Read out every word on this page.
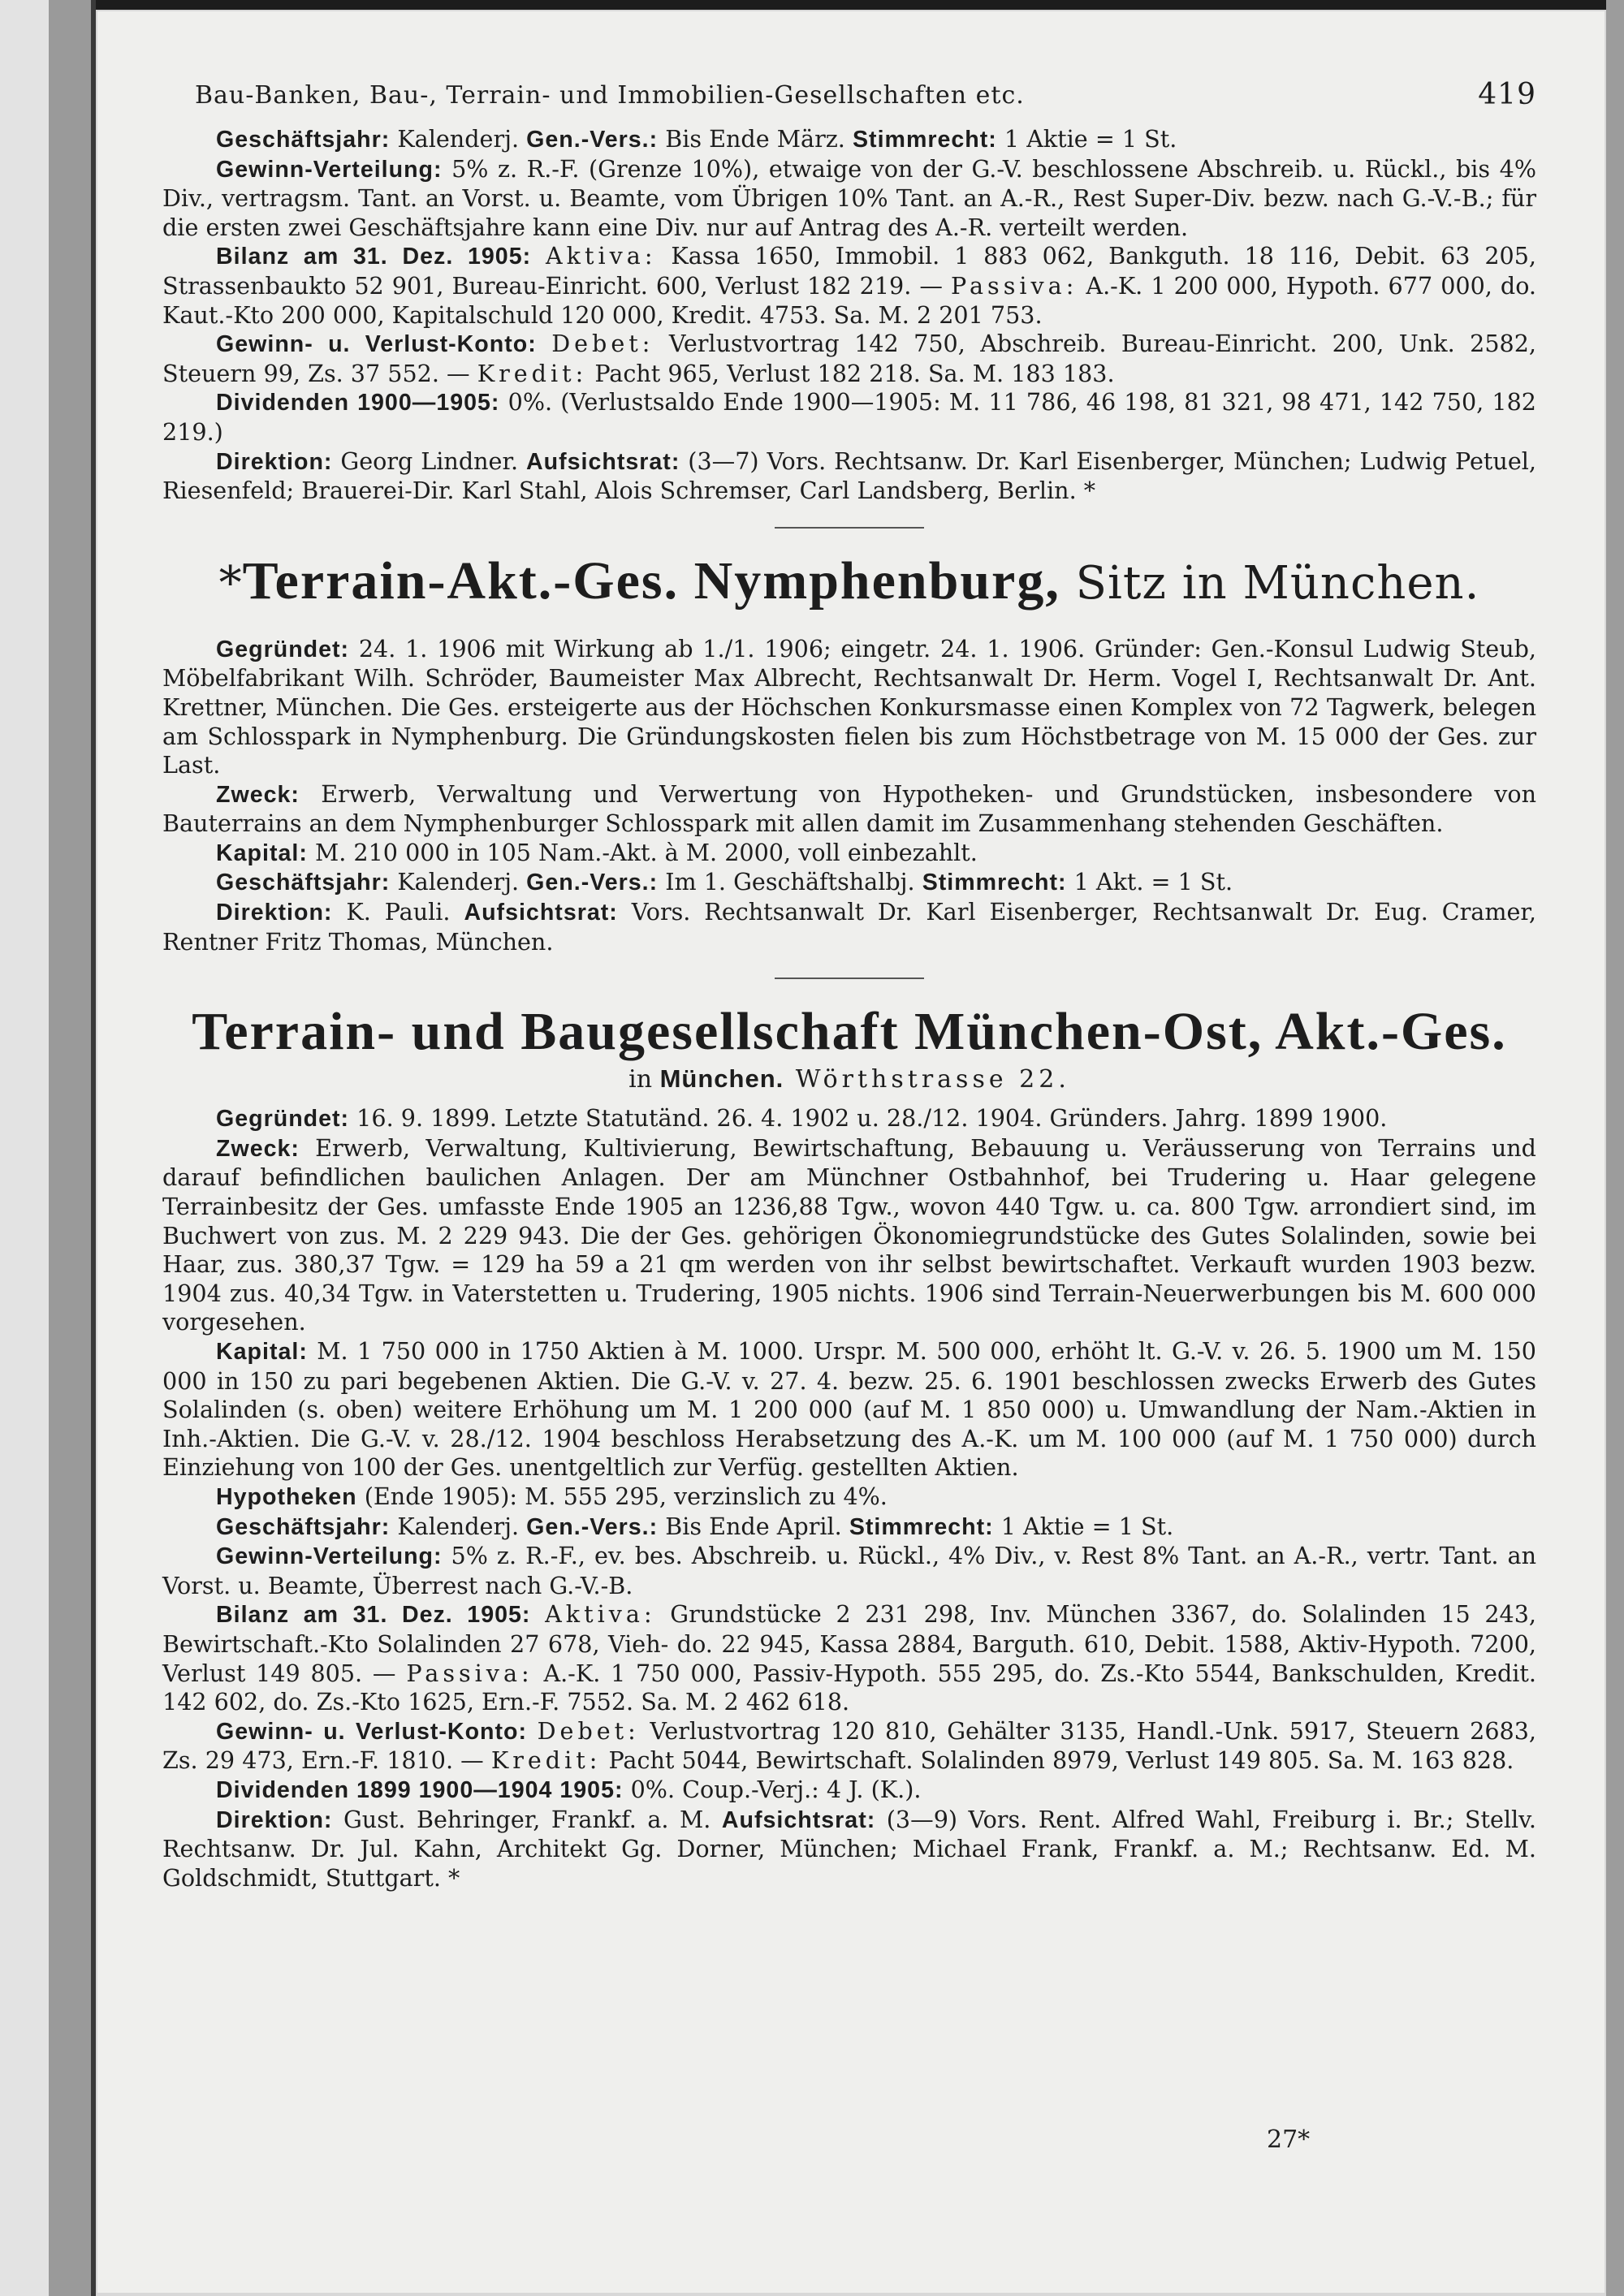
Bau-Banken, Bau-, Terrain- und Immobilien-Gesellschaften etc.	419

Geschäftsjahr: Kalenderj. Gen.-Vers.: Bis Ende März. Stimmrecht: 1 Aktie = 1 St.

Gewinn-Verteilung: 5% z. R.-F. (Grenze 10%), etwaige von der G.-V. beschlossene Abschreib. u. Rückl., bis 4% Div., vertragsm. Tant. an Vorst. u. Beamte, vom Übrigen 10% Tant. an A.-R., Rest Super-Div. bezw. nach G.-V.-B.; für die ersten zwei Geschäftsjahre kann eine Div. nur auf Antrag des A.-R. verteilt werden.

Bilanz am 31. Dez. 1905: Aktiva: Kassa 1650, Immobil. 1 883 062, Bankguth. 18 116, Debit. 63 205, Strassenbaukto 52 901, Bureau-Einricht. 600, Verlust 182 219. — Passiva: A.-K. 1 200 000, Hypoth. 677 000, do. Kaut.-Kto 200 000, Kapitalschuld 120 000, Kredit. 4753. Sa. M. 2 201 753.

Gewinn- u. Verlust-Konto: Debet: Verlustvortrag 142 750, Abschreib. Bureau-Einricht. 200, Unk. 2582, Steuern 99, Zs. 37 552. — Kredit: Pacht 965, Verlust 182 218. Sa. M. 183 183.

Dividenden 1900—1905: 0%. (Verlustsaldo Ende 1900—1905: M. 11 786, 46 198, 81 321, 98 471, 142 750, 182 219.)

Direktion: Georg Lindner. Aufsichtsrat: (3—7) Vors. Rechtsanw. Dr. Karl Eisenberger, München; Ludwig Petuel, Riesenfeld; Brauerei-Dir. Karl Stahl, Alois Schremser, Carl Landsberg, Berlin. *

*Terrain-Akt.-Ges. Nymphenburg, Sitz in München.

Gegründet: 24. 1. 1906 mit Wirkung ab 1./1. 1906; eingetr. 24. 1. 1906. Gründer: Gen.-Konsul Ludwig Steub, Möbelfabrikant Wilh. Schröder, Baumeister Max Albrecht, Rechtsanwalt Dr. Herm. Vogel I, Rechtsanwalt Dr. Ant. Krettner, München. Die Ges. ersteigerte aus der Höchschen Konkursmasse einen Komplex von 72 Tagwerk, belegen am Schlosspark in Nymphenburg. Die Gründungskosten fielen bis zum Höchstbetrage von M. 15 000 der Ges. zur Last.

Zweck: Erwerb, Verwaltung und Verwertung von Hypotheken- und Grundstücken, insbesondere von Bauterrains an dem Nymphenburger Schlosspark mit allen damit im Zusammenhang stehenden Geschäften.

Kapital: M. 210 000 in 105 Nam.-Akt. à M. 2000, voll einbezahlt.

Geschäftsjahr: Kalenderj. Gen.-Vers.: Im 1. Geschäftshalbj. Stimmrecht: 1 Akt. = 1 St.

Direktion: K. Pauli. Aufsichtsrat: Vors. Rechtsanwalt Dr. Karl Eisenberger, Rechtsanwalt Dr. Eug. Cramer, Rentner Fritz Thomas, München.

Terrain- und Baugesellschaft München-Ost, Akt.-Ges.
in München. Wörthstrasse 22.

Gegründet: 16. 9. 1899. Letzte Statutänd. 26. 4. 1902 u. 28./12. 1904. Gründers. Jahrg. 1899 1900.

Zweck: Erwerb, Verwaltung, Kultivierung, Bewirtschaftung, Bebauung u. Veräusserung von Terrains und darauf befindlichen baulichen Anlagen. Der am Münchner Ostbahnhof, bei Trudering u. Haar gelegene Terrainbesitz der Ges. umfasste Ende 1905 an 1236,88 Tgw., wovon 440 Tgw. u. ca. 800 Tgw. arrondiert sind, im Buchwert von zus. M. 2 229 943. Die der Ges. gehörigen Ökonomiegrundstücke des Gutes Solalinden, sowie bei Haar, zus. 380,37 Tgw. = 129 ha 59 a 21 qm werden von ihr selbst bewirtschaftet. Verkauft wurden 1903 bezw. 1904 zus. 40,34 Tgw. in Vaterstetten u. Trudering, 1905 nichts. 1906 sind Terrain-Neuerwerbungen bis M. 600 000 vorgesehen.

Kapital: M. 1 750 000 in 1750 Aktien à M. 1000. Urspr. M. 500 000, erhöht lt. G.-V. v. 26. 5. 1900 um M. 150 000 in 150 zu pari begebenen Aktien. Die G.-V. v. 27. 4. bezw. 25. 6. 1901 beschlossen zwecks Erwerb des Gutes Solalinden (s. oben) weitere Erhöhung um M. 1 200 000 (auf M. 1 850 000) u. Umwandlung der Nam.-Aktien in Inh.-Aktien. Die G.-V. v. 28./12. 1904 beschloss Herabsetzung des A.-K. um M. 100 000 (auf M. 1 750 000) durch Einziehung von 100 der Ges. unentgeltlich zur Verfüg. gestellten Aktien.

Hypotheken (Ende 1905): M. 555 295, verzinslich zu 4%.

Geschäftsjahr: Kalenderj. Gen.-Vers.: Bis Ende April. Stimmrecht: 1 Aktie = 1 St.

Gewinn-Verteilung: 5% z. R.-F., ev. bes. Abschreib. u. Rückl., 4% Div., v. Rest 8% Tant. an A.-R., vertr. Tant. an Vorst. u. Beamte, Überrest nach G.-V.-B.

Bilanz am 31. Dez. 1905: Aktiva: Grundstücke 2 231 298, Inv. München 3367, do. Solalinden 15 243, Bewirtschaft.-Kto Solalinden 27 678, Vieh- do. 22 945, Kassa 2884, Barguth. 610, Debit. 1588, Aktiv-Hypoth. 7200, Verlust 149 805. — Passiva: A.-K. 1 750 000, Passiv-Hypoth. 555 295, do. Zs.-Kto 5544, Bankschulden, Kredit. 142 602, do. Zs.-Kto 1625, Ern.-F. 7552. Sa. M. 2 462 618.

Gewinn- u. Verlust-Konto: Debet: Verlustvortrag 120 810, Gehälter 3135, Handl.-Unk. 5917, Steuern 2683, Zs. 29 473, Ern.-F. 1810. — Kredit: Pacht 5044, Bewirtschaft. Solalinden 8979, Verlust 149 805. Sa. M. 163 828.

Dividenden 1899 1900—1904 1905: 0%. Coup.-Verj.: 4 J. (K.).

Direktion: Gust. Behringer, Frankf. a. M. Aufsichtsrat: (3—9) Vors. Rent. Alfred Wahl, Freiburg i. Br.; Stellv. Rechtsanw. Dr. Jul. Kahn, Architekt Gg. Dorner, München; Michael Frank, Frankf. a. M.; Rechtsanw. Ed. M. Goldschmidt, Stuttgart. *

27*
